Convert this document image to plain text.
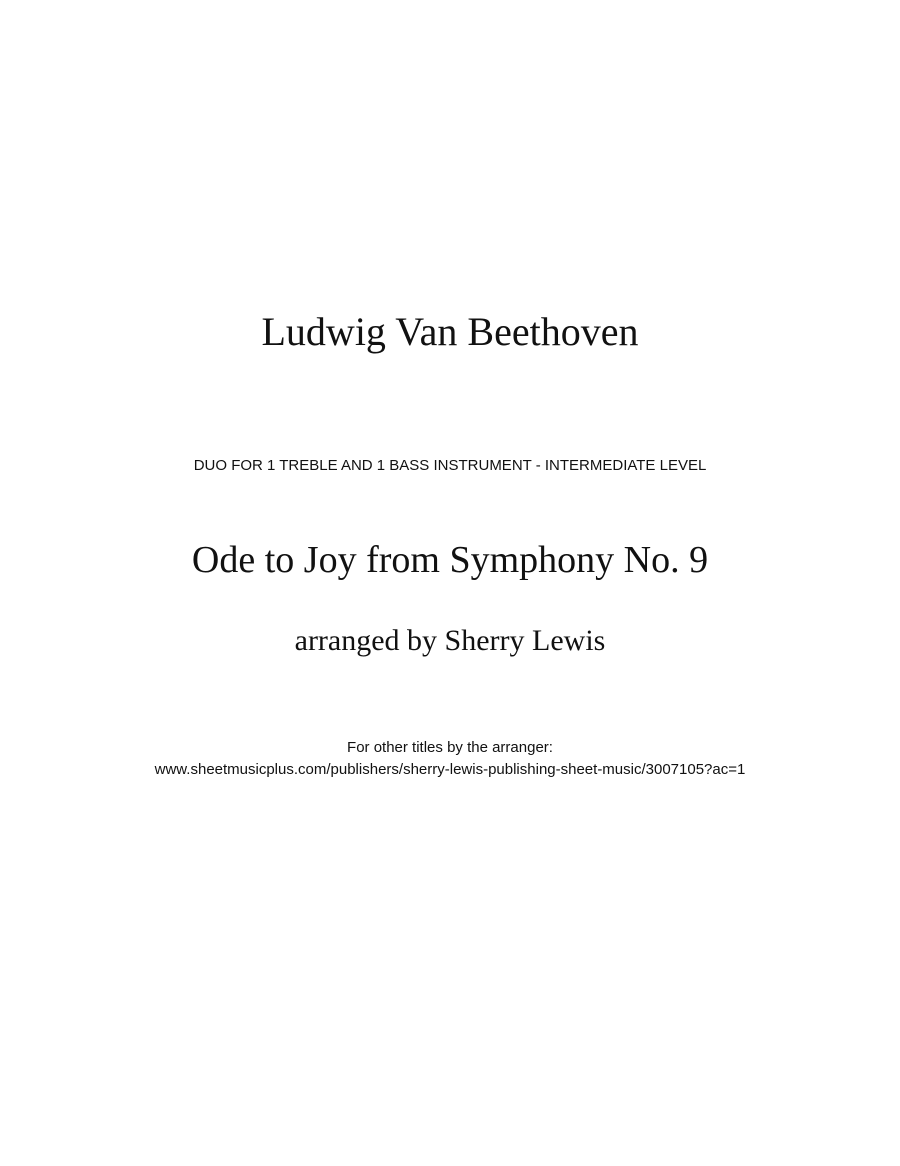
Ludwig Van Beethoven
DUO FOR 1 TREBLE AND 1 BASS INSTRUMENT - INTERMEDIATE LEVEL
Ode to Joy from Symphony No. 9
arranged by Sherry Lewis
For other titles by the arranger:
www.sheetmusicplus.com/publishers/sherry-lewis-publishing-sheet-music/3007105?ac=1
